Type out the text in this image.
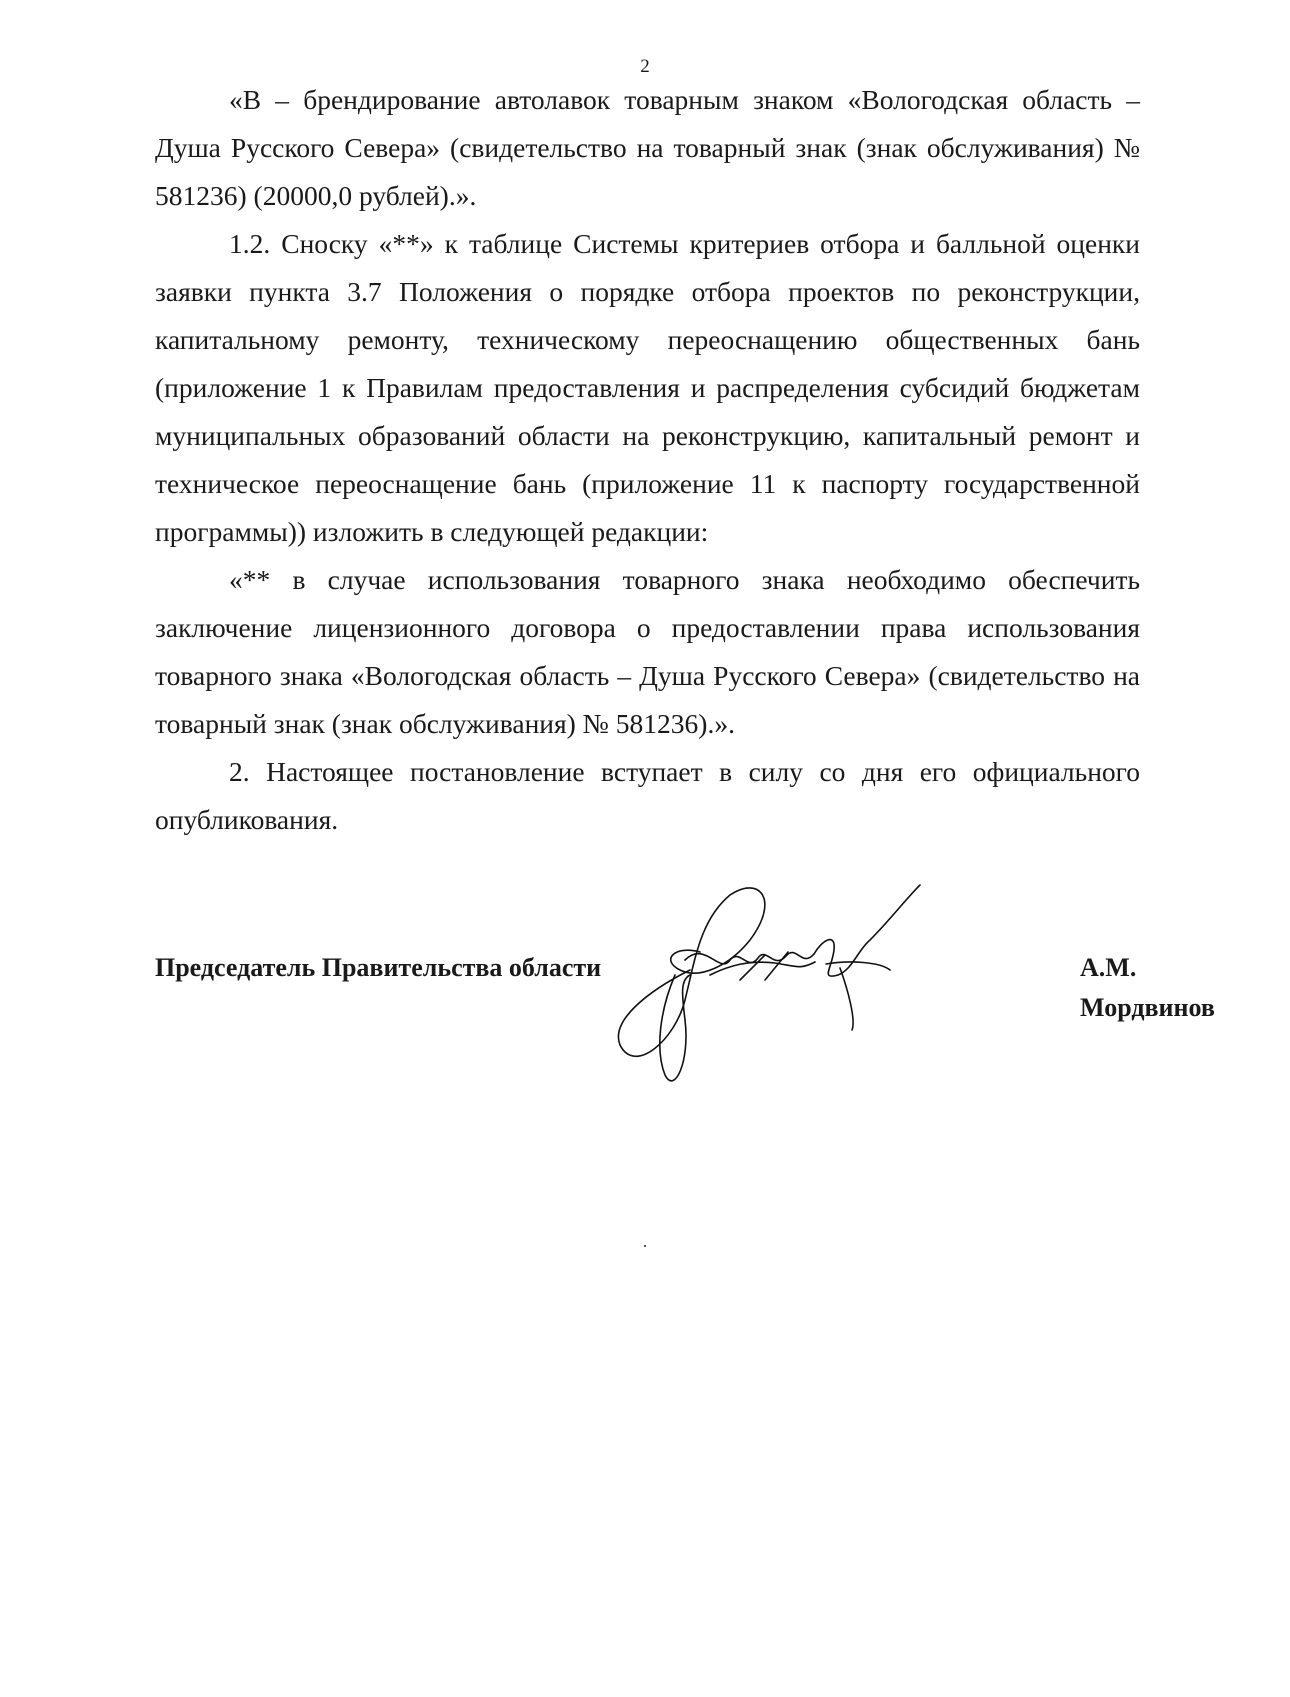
2

«В – брендирование автолавок товарным знаком «Вологодская область – Душа Русского Севера» (свидетельство на товарный знак (знак обслуживания) № 581236) (20000,0 рублей).».

1.2. Сноску «**» к таблице Системы критериев отбора и балльной оценки заявки пункта 3.7 Положения о порядке отбора проектов по реконструкции, капитальному ремонту, техническому переоснащению общественных бань (приложение 1 к Правилам предоставления и распределения субсидий бюджетам муниципальных образований области на реконструкцию, капитальный ремонт и техническое переоснащение бань (приложение 11 к паспорту государственной программы)) изложить в следующей редакции:

«** в случае использования товарного знака необходимо обеспечить заключение лицензионного договора о предоставлении права использования товарного знака «Вологодская область – Душа Русского Севера» (свидетельство на товарный знак (знак обслуживания) № 581236).».

2. Настоящее постановление вступает в силу со дня его официального опубликования.

Председатель Правительства области	А.М. Мордвинов
